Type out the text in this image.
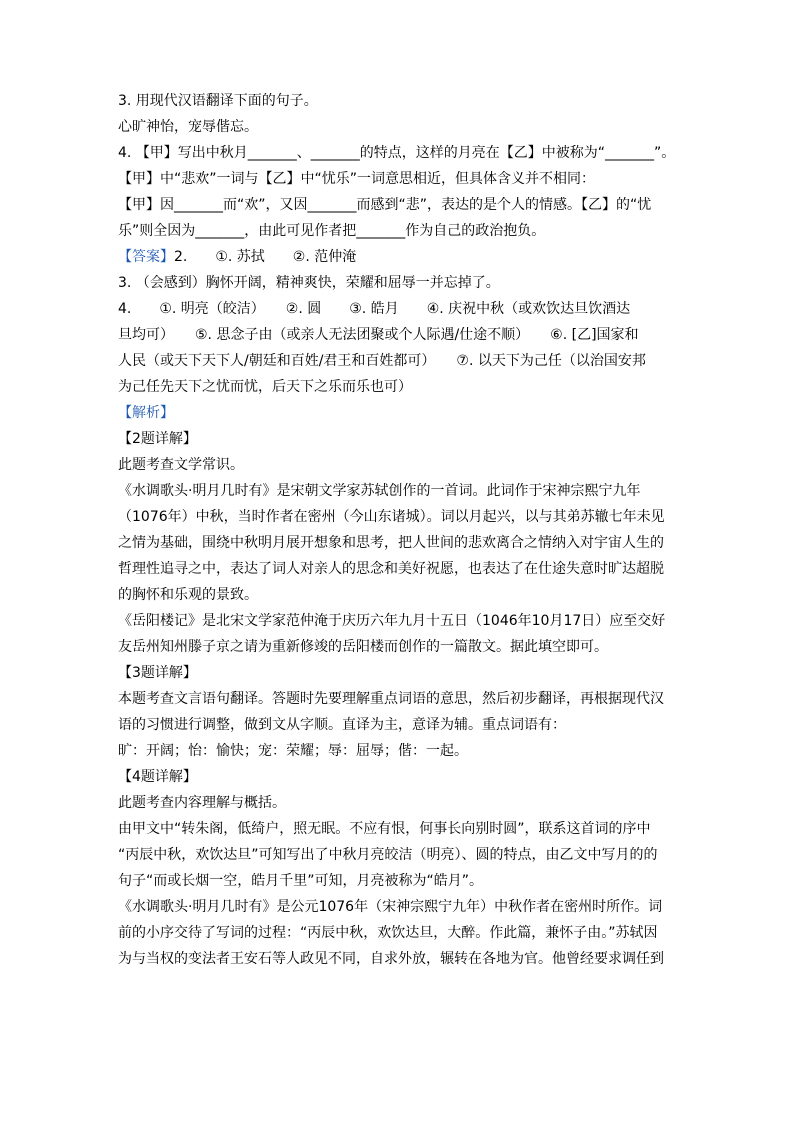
3. 用现代汉语翻译下面的句子。
心旷神怡，宠辱偕忘。
4. 【甲】写出中秋月_______、_______的特点，这样的月亮在【乙】中被称为“_______”。
【甲】中“悲欢”一词与【乙】中“忧乐”一词意思相近，但具体含义并不相同：
【甲】因_______而“欢”，又因_______而感到“悲”，表达的是个人的情感。【乙】的“忧
乐”则全因为_______，由此可见作者把_______作为自己的政治抱负。
【答案】2.　　①. 苏拭　　②. 范仲淹
3. （会感到）胸怀开阔，精神爽快，荣耀和屈辱一并忘掉了。
4.　　①. 明亮（皎洁）　　②. 圆　　③. 皓月　　④. 庆祝中秋（或欢饮达旦饮酒达
旦均可）　　⑤. 思念子由（或亲人无法团聚或个人际遇/仕途不顺）　　⑥. [乙]国家和
人民（或天下天下人/朝廷和百姓/君王和百姓都可）　　⑦. 以天下为己任（以治国安邦
为己任先天下之忧而忧，后天下之乐而乐也可）
【解析】
【2题详解】
此题考查文学常识。
《水调歌头·明月几时有》是宋朝文学家苏轼创作的一首词。此词作于宋神宗熙宁九年
（1076年）中秋，当时作者在密州（今山东诸城）。词以月起兴，以与其弟苏辙七年未见
之情为基础，围绕中秋明月展开想象和思考，把人世间的悲欢离合之情纳入对宇宙人生的
哲理性追寻之中，表达了词人对亲人的思念和美好祝愿，也表达了在仕途失意时旷达超脱
的胸怀和乐观的景致。
《岳阳楼记》是北宋文学家范仲淹于庆历六年九月十五日（1046年10月17日）应至交好
友岳州知州滕子京之请为重新修竣的岳阳楼而创作的一篇散文。据此填空即可。
【3题详解】
本题考查文言语句翻译。答题时先要理解重点词语的意思，然后初步翻译，再根据现代汉
语的习惯进行调整，做到文从字顺。直译为主，意译为辅。重点词语有：
旷：开阔；怡：愉快；宠：荣耀；辱：屈辱；偕：一起。
【4题详解】
此题考查内容理解与概括。
由甲文中“转朱阁，低绮户，照无眠。不应有恨，何事长向别时圆”，联系这首词的序中
“丙辰中秋，欢饮达旦”可知写出了中秋月亮皎洁（明亮）、圆的特点，由乙文中写月的的
句子“而或长烟一空，皓月千里”可知，月亮被称为“皓月”。
《水调歌头·明月几时有》是公元1076年（宋神宗熙宁九年）中秋作者在密州时所作。词
前的小序交待了写词的过程：“丙辰中秋，欢饮达旦，大醉。作此篇，兼怀子由。”苏轼因
为与当权的变法者王安石等人政见不同，自求外放，辗转在各地为官。他曾经要求调任到
